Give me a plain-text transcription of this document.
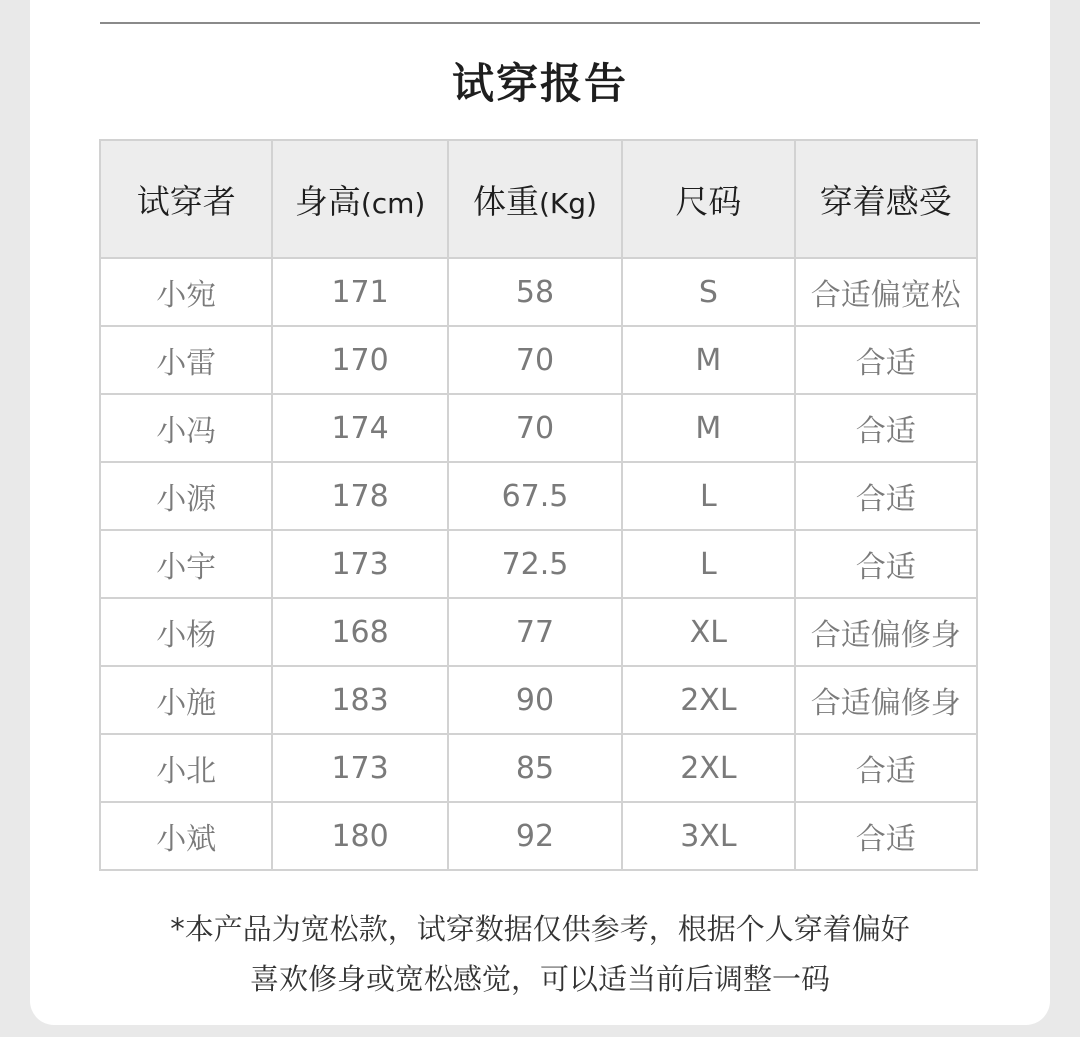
试穿报告
试穿者	身高(cm)	体重(Kg)	尺码	穿着感受
小宛	171	58	S	合适偏宽松
小雷	170	70	M	合适
小冯	174	70	M	合适
小源	178	67.5	L	合适
小宇	173	72.5	L	合适
小杨	168	77	XL	合适偏修身
小施	183	90	2XL	合适偏修身
小北	173	85	2XL	合适
小斌	180	92	3XL	合适
*本产品为宽松款，试穿数据仅供参考，根据个人穿着偏好
喜欢修身或宽松感觉，可以适当前后调整一码
